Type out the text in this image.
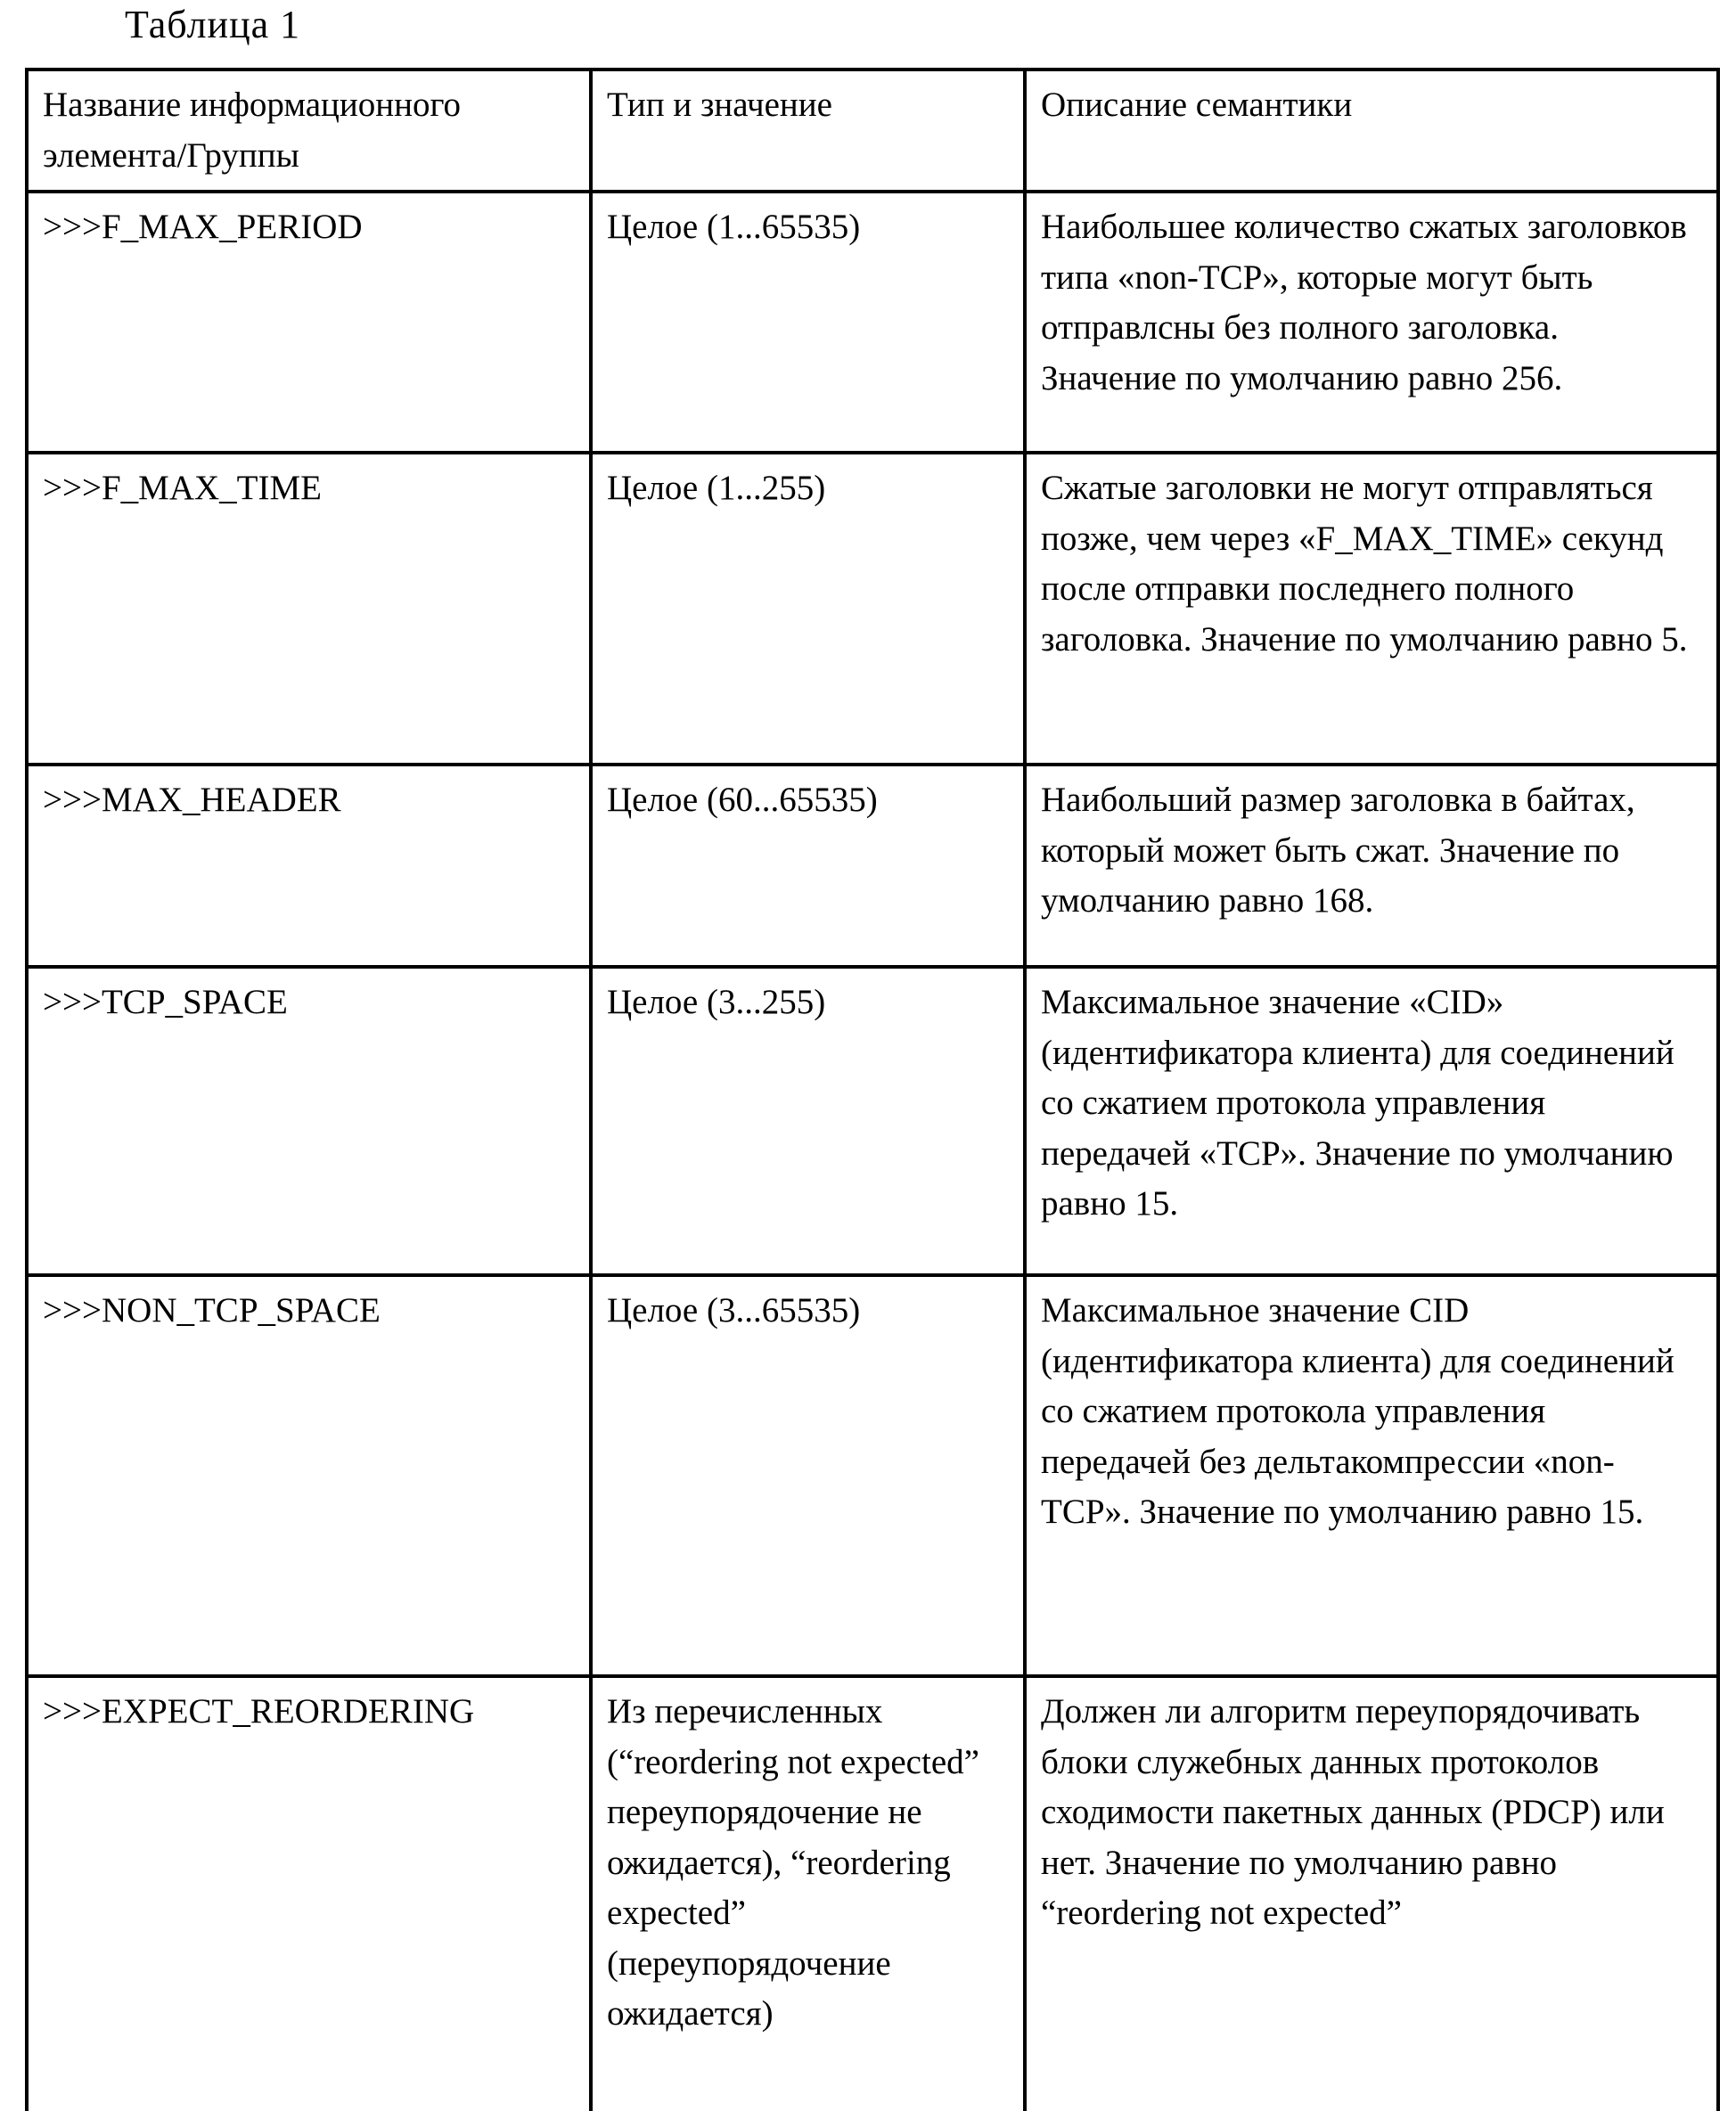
Таблица 1
Название информационного элемента/Группы	Тип и значение	Описание семантики
>>>F_MAX_PERIOD	Целое (1...65535)	Наибольшее количество сжатых заголовков типа «non-TCP», которые могут быть отправлсны без полного заголовка. Значение по умолчанию равно 256.
>>>F_MAX_TIME	Целое (1...255)	Сжатые заголовки не могут отправляться позже, чем через «F_MAX_TIME» секунд после отправки последнего полного заголовка. Значение по умолчанию равно 5.
>>>MAX_HEADER	Целое (60...65535)	Наибольший размер заголовка в байтах, который может быть сжат. Значение по умолчанию равно 168.
>>>TCP_SPACE	Целое (3...255)	Максимальное значение «CID» (идентификатора клиента) для соединений со сжатием протокола управления передачей «TCP». Значение по умолчанию равно 15.
>>>NON_TCP_SPACE	Целое (3...65535)	Максимальное значение CID (идентификатора клиента) для соединений со сжатием протокола управления передачей без дельтакомпрессии «non-TCP». Значение по умолчанию равно 15.
>>>EXPECT_REORDERING	Из перечисленных (“reordering not expected” переупорядочение не ожидается), “reordering expected” (переупорядочение ожидается)	Должен ли алгоритм переупорядочивать блоки служебных данных протоколов сходимости пакетных данных (PDCP) или нет. Значение по умолчанию равно “reordering not expected”
